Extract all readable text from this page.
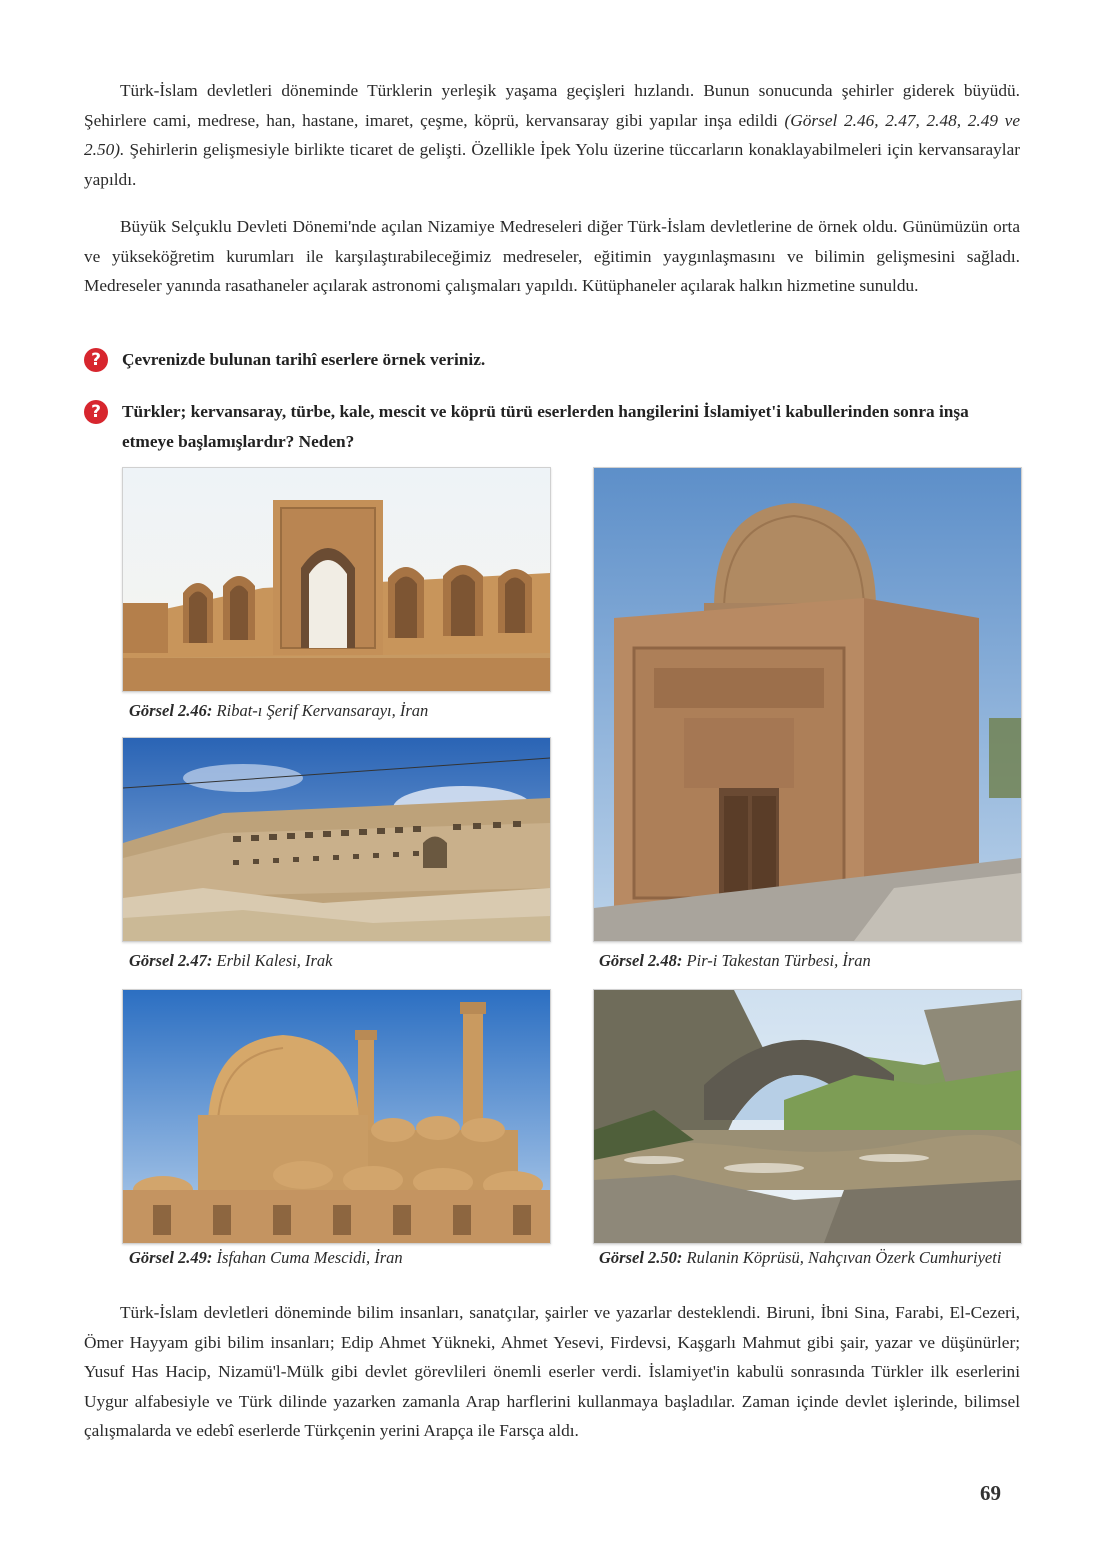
Türk-İslam devletleri döneminde Türklerin yerleşik yaşama geçişleri hızlandı. Bunun sonucunda şehirler giderek büyüdü. Şehirlere cami, medrese, han, hastane, imaret, çeşme, köprü, kervansaray gibi yapılar inşa edildi (Görsel 2.46, 2.47, 2.48, 2.49 ve 2.50). Şehirlerin gelişmesiyle birlikte ticaret de gelişti. Özellikle İpek Yolu üzerine tüccarların konaklayabilmeleri için kervansaraylar yapıldı.

Büyük Selçuklu Devleti Dönemi'nde açılan Nizamiye Medreseleri diğer Türk-İslam devletlerine de örnek oldu. Günümüzün orta ve yükseköğretim kurumları ile karşılaştırabileceğimiz medreseler, eğitimin yaygınlaşmasını ve bilimin gelişmesini sağladı. Medreseler yanında rasathaneler açılarak astronomi çalışmaları yapıldı. Kütüphaneler açılarak halkın hizmetine sunuldu.

?	Çevrenizde bulunan tarihî eserlere örnek veriniz.
?	Türkler; kervansaray, türbe, kale, mescit ve köprü türü eserlerden hangilerini İslamiyet'i kabullerinden sonra inşa etmeye başlamışlardır? Neden?
Görsel 2.46: Ribat-ı Şerif Kervansarayı, İran
Görsel 2.47: Erbil Kalesi, Irak	Görsel 2.48: Pir-i Takestan Türbesi, İran
Görsel 2.49: İsfahan Cuma Mescidi, İran	Görsel 2.50: Rulanin Köprüsü, Nahçıvan Özerk Cumhuriyeti

Türk-İslam devletleri döneminde bilim insanları, sanatçılar, şairler ve yazarlar desteklendi. Biruni, İbni Sina, Farabi, El-Cezeri, Ömer Hayyam gibi bilim insanları; Edip Ahmet Yükneki, Ahmet Yesevi, Firdevsi, Kaşgarlı Mahmut gibi şair, yazar ve düşünürler; Yusuf Has Hacip, Nizamü'l-Mülk gibi devlet görevlileri önemli eserler verdi. İslamiyet'in kabulü sonrasında Türkler ilk eserlerini Uygur alfabesiyle ve Türk dilinde yazarken zamanla Arap harflerini kullanmaya başladılar. Zaman içinde devlet işlerinde, bilimsel çalışmalarda ve edebî eserlerde Türkçenin yerini Arapça ile Farsça aldı.

69
